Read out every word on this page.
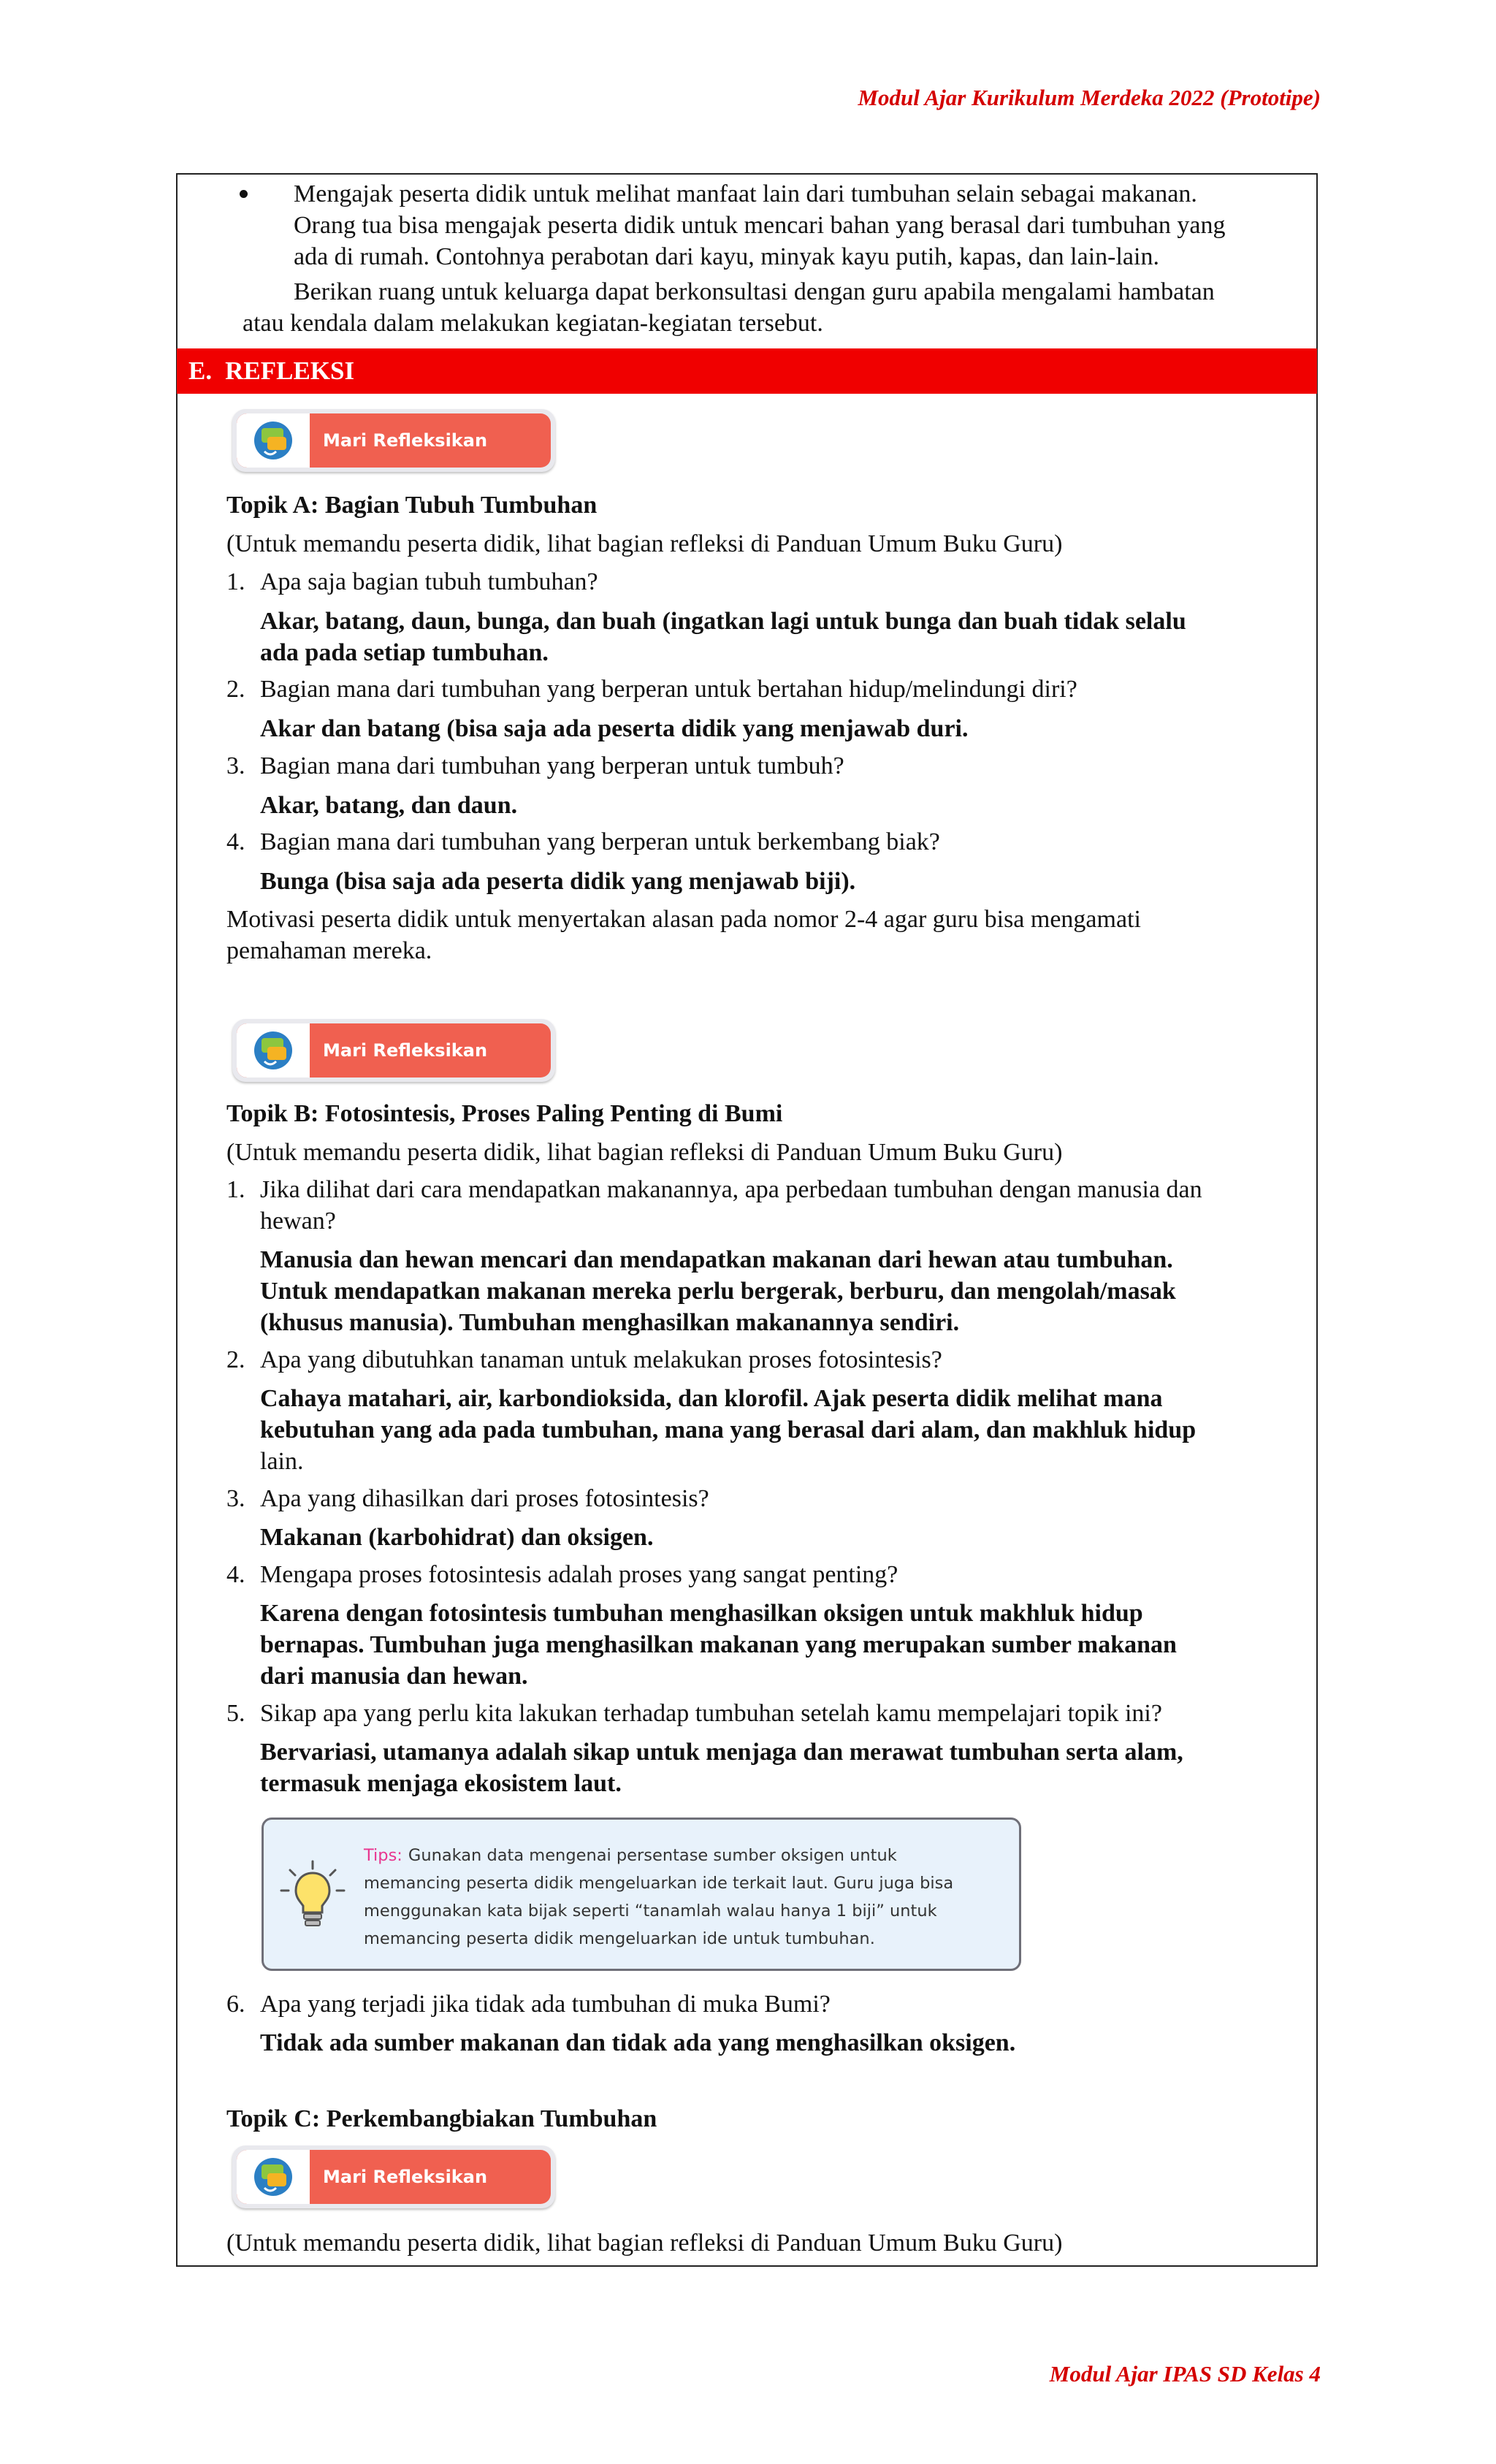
Modul Ajar Kurikulum Merdeka 2022 (Prototipe)
Mengajak peserta didik untuk melihat manfaat lain dari tumbuhan selain sebagai makanan.
Orang tua bisa mengajak peserta didik untuk mencari bahan yang berasal dari tumbuhan yang
ada di rumah. Contohnya perabotan dari kayu, minyak kayu putih, kapas, dan lain-lain.
Berikan ruang untuk keluarga dapat berkonsultasi dengan guru apabila mengalami hambatan
atau kendala dalam melakukan kegiatan-kegiatan tersebut.
E. REFLEKSI
Mari Refleksikan
Topik A: Bagian Tubuh Tumbuhan
(Untuk memandu peserta didik, lihat bagian refleksi di Panduan Umum Buku Guru)
1. Apa saja bagian tubuh tumbuhan?
Akar, batang, daun, bunga, dan buah (ingatkan lagi untuk bunga dan buah tidak selalu
ada pada setiap tumbuhan.
2. Bagian mana dari tumbuhan yang berperan untuk bertahan hidup/melindungi diri?
Akar dan batang (bisa saja ada peserta didik yang menjawab duri.
3. Bagian mana dari tumbuhan yang berperan untuk tumbuh?
Akar, batang, dan daun.
4. Bagian mana dari tumbuhan yang berperan untuk berkembang biak?
Bunga (bisa saja ada peserta didik yang menjawab biji).
Motivasi peserta didik untuk menyertakan alasan pada nomor 2-4 agar guru bisa mengamati
pemahaman mereka.
Mari Refleksikan
Topik B: Fotosintesis, Proses Paling Penting di Bumi
(Untuk memandu peserta didik, lihat bagian refleksi di Panduan Umum Buku Guru)
1. Jika dilihat dari cara mendapatkan makanannya, apa perbedaan tumbuhan dengan manusia dan
hewan?
Manusia dan hewan mencari dan mendapatkan makanan dari hewan atau tumbuhan.
Untuk mendapatkan makanan mereka perlu bergerak, berburu, dan mengolah/masak
(khusus manusia). Tumbuhan menghasilkan makanannya sendiri.
2. Apa yang dibutuhkan tanaman untuk melakukan proses fotosintesis?
Cahaya matahari, air, karbondioksida, dan klorofil. Ajak peserta didik melihat mana
kebutuhan yang ada pada tumbuhan, mana yang berasal dari alam, dan makhluk hidup
lain.
3. Apa yang dihasilkan dari proses fotosintesis?
Makanan (karbohidrat) dan oksigen.
4. Mengapa proses fotosintesis adalah proses yang sangat penting?
Karena dengan fotosintesis tumbuhan menghasilkan oksigen untuk makhluk hidup
bernapas. Tumbuhan juga menghasilkan makanan yang merupakan sumber makanan
dari manusia dan hewan.
5. Sikap apa yang perlu kita lakukan terhadap tumbuhan setelah kamu mempelajari topik ini?
Bervariasi, utamanya adalah sikap untuk menjaga dan merawat tumbuhan serta alam,
termasuk menjaga ekosistem laut.
Tips: Gunakan data mengenai persentase sumber oksigen untuk
memancing peserta didik mengeluarkan ide terkait laut. Guru juga bisa
menggunakan kata bijak seperti “tanamlah walau hanya 1 biji” untuk
memancing peserta didik mengeluarkan ide untuk tumbuhan.
6. Apa yang terjadi jika tidak ada tumbuhan di muka Bumi?
Tidak ada sumber makanan dan tidak ada yang menghasilkan oksigen.
Topik C: Perkembangbiakan Tumbuhan
Mari Refleksikan
(Untuk memandu peserta didik, lihat bagian refleksi di Panduan Umum Buku Guru)
Modul Ajar IPAS SD Kelas 4
